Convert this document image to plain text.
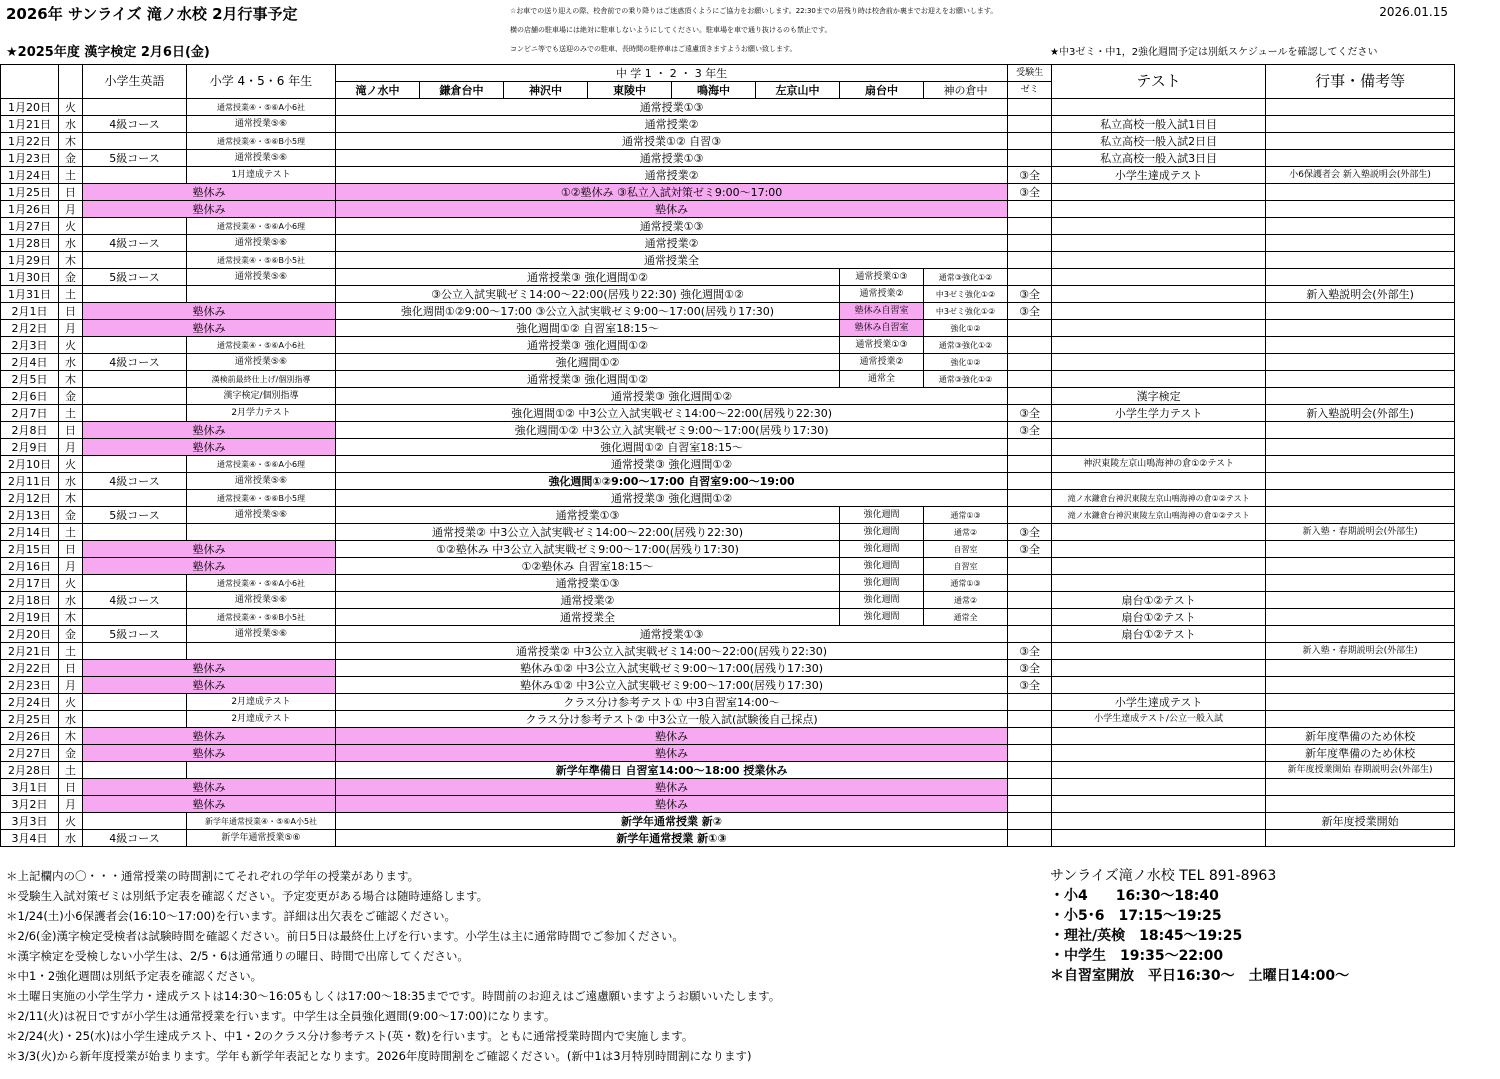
2026年 サンライズ 滝ノ水校 2月行事予定	2026.01.15
☆お車での送り迎えの際、校舎前での乗り降りはご迷惑頂くようにご協力をお願いします。22:30までの居残り時は校舎前か裏までお迎えをお願いします。
横の店舗の駐車場には絶対に駐車しないようにしてください。駐車場を車で通り抜けるのも禁止です。
コンビニ等でも送迎のみでの駐車、長時間の駐停車はご遠慮頂きますようお願い致します。
★2025年度 漢字検定 2月6日(金)	★中3ゼミ・中1，2強化週間予定は別紙スケジュールを確認してください
		小学生英語	小学 4・5・6 年生	中 学 1 ・ 2 ・ 3 年生								受験生	テスト	行事・備考等
				滝ノ水中	鎌倉台中	神沢中	東陵中	鳴海中	左京山中	扇台中	神の倉中	ゼミ		
1月20日	火		通常授業④・⑤⑥A小6社	通常授業①③										
1月21日	水	4級コース	通常授業⑤⑥	通常授業②									私立高校一般入試1日目	
1月22日	木		通常授業④・⑤⑥B小5理	通常授業①② 自習③									私立高校一般入試2日目	
1月23日	金	5級コース	通常授業⑤⑥	通常授業①③									私立高校一般入試3日目	
1月24日	土		1月達成テスト	通常授業②								③全	小学生達成テスト	小6保護者会 新入塾説明会(外部生)
1月25日	日	塾休み		①②塾休み ③私立入試対策ゼミ9:00～17:00								③全		
1月26日	月	塾休み		塾休み										
1月27日	火		通常授業④・⑤⑥A小6理	通常授業①③										
1月28日	水	4級コース	通常授業⑤⑥	通常授業②										
1月29日	木		通常授業④・⑤⑥B小5社	通常授業全										
1月30日	金	5級コース	通常授業⑤⑥	通常授業③ 強化週間①②						通常授業①③	通常③強化①②			
1月31日	土			③公立入試実戦ゼミ14:00～22:00(居残り22:30) 強化週間①②						通常授業②	中3ゼミ強化①②	③全		新入塾説明会(外部生)
2月1日	日	塾休み		強化週間①②9:00～17:00 ③公立入試実戦ゼミ9:00～17:00(居残り17:30)						塾休み自習室	中3ゼミ強化①②	③全		
2月2日	月	塾休み		強化週間①② 自習室18:15～						塾休み自習室	強化①②			
2月3日	火		通常授業④・⑤⑥A小6社	通常授業③ 強化週間①②						通常授業①③	通常③強化①②			
2月4日	水	4級コース	通常授業⑤⑥	強化週間①②						通常授業②	強化①②			
2月5日	木		漢検前最終仕上げ/個別指導	通常授業③ 強化週間①②						通常全	通常③強化①②			
2月6日	金		漢字検定/個別指導	通常授業③ 強化週間①②									漢字検定	
2月7日	土		2月学力テスト	強化週間①② 中3公立入試実戦ゼミ14:00～22:00(居残り22:30)								③全	小学生学力テスト	新入塾説明会(外部生)
2月8日	日	塾休み		強化週間①② 中3公立入試実戦ゼミ9:00～17:00(居残り17:30)								③全		
2月9日	月	塾休み		強化週間①② 自習室18:15～										
2月10日	火		通常授業④・⑤⑥A小6理	通常授業③ 強化週間①②									神沢東陵左京山鳴海神の倉①②テスト	
2月11日	水	4級コース	通常授業⑤⑥	強化週間①②9:00～17:00 自習室9:00～19:00										
2月12日	木		通常授業④・⑤⑥B小5理	通常授業③ 強化週間①②									滝ノ水鎌倉台神沢東陵左京山鳴海神の倉①②テスト	
2月13日	金	5級コース	通常授業⑤⑥	通常授業①③						強化週間	通常①③		滝ノ水鎌倉台神沢東陵左京山鳴海神の倉①②テスト	
2月14日	土			通常授業② 中3公立入試実戦ゼミ14:00～22:00(居残り22:30)						強化週間	通常②	③全		新入塾・春期説明会(外部生)
2月15日	日	塾休み		①②塾休み 中3公立入試実戦ゼミ9:00～17:00(居残り17:30)						強化週間	自習室	③全		
2月16日	月	塾休み		①②塾休み 自習室18:15～						強化週間	自習室			
2月17日	火		通常授業④・⑤⑥A小6社	通常授業①③						強化週間	通常①③			
2月18日	水	4級コース	通常授業⑤⑥	通常授業②						強化週間	通常②		扇台①②テスト	
2月19日	木		通常授業④・⑤⑥B小5社	通常授業全						強化週間	通常全		扇台①②テスト	
2月20日	金	5級コース	通常授業⑤⑥	通常授業①③									扇台①②テスト	
2月21日	土			通常授業② 中3公立入試実戦ゼミ14:00～22:00(居残り22:30)								③全		新入塾・春期説明会(外部生)
2月22日	日	塾休み		塾休み①② 中3公立入試実戦ゼミ9:00～17:00(居残り17:30)								③全		
2月23日	月	塾休み		塾休み①② 中3公立入試実戦ゼミ9:00～17:00(居残り17:30)								③全		
2月24日	火		2月達成テスト	クラス分け参考テスト① 中3自習室14:00～									小学生達成テスト	
2月25日	水		2月達成テスト	クラス分け参考テスト② 中3公立一般入試(試験後自己採点)									小学生達成テスト/公立一般入試	
2月26日	木	塾休み		塾休み										新年度準備のため休校
2月27日	金	塾休み		塾休み										新年度準備のため休校
2月28日	土			新学年準備日 自習室14:00～18:00 授業休み										新年度授業開始 春期説明会(外部生)
3月1日	日	塾休み		塾休み										
3月2日	月	塾休み		塾休み										
3月3日	火		新学年通常授業④・⑤⑥A小5社	新学年通常授業 新②										新年度授業開始
3月4日	水	4級コース	新学年通常授業⑤⑥	新学年通常授業 新①③										
＊上記欄内の〇・・・通常授業の時間割にてそれぞれの学年の授業があります。
＊受験生入試対策ゼミは別紙予定表を確認ください。予定変更がある場合は随時連絡します。
＊1/24(土)小6保護者会(16:10～17:00)を行います。詳細は出欠表をご確認ください。
＊2/6(金)漢字検定受検者は試験時間を確認ください。前日5日は最終仕上げを行います。小学生は主に通常時間でご参加ください。
＊漢字検定を受検しない小学生は、2/5・6は通常通りの曜日、時間で出席してください。
＊中1・2強化週間は別紙予定表を確認ください。
＊土曜日実施の小学生学力・達成テストは14:30～16:05もしくは17:00～18:35までです。時間前のお迎えはご遠慮願いますようお願いいたします。
＊2/11(火)は祝日ですが小学生は通常授業を行います。中学生は全員強化週間(9:00～17:00)になります。
＊2/24(火)・25(水)は小学生達成テスト、中1・2のクラス分け参考テスト(英・数)を行います。ともに通常授業時間内で実施します。
＊3/3(火)から新年度授業が始まります。学年も新学年表記となります。2026年度時間割をご確認ください。(新中1は3月特別時間割になります)
サンライズ滝ノ水校 TEL 891-8963
・小4　　16:30～18:40
・小5･6　17:15～19:25
・理社/英検　18:45～19:25
・中学生　19:35～22:00
＊自習室開放　平日16:30～　土曜日14:00～
